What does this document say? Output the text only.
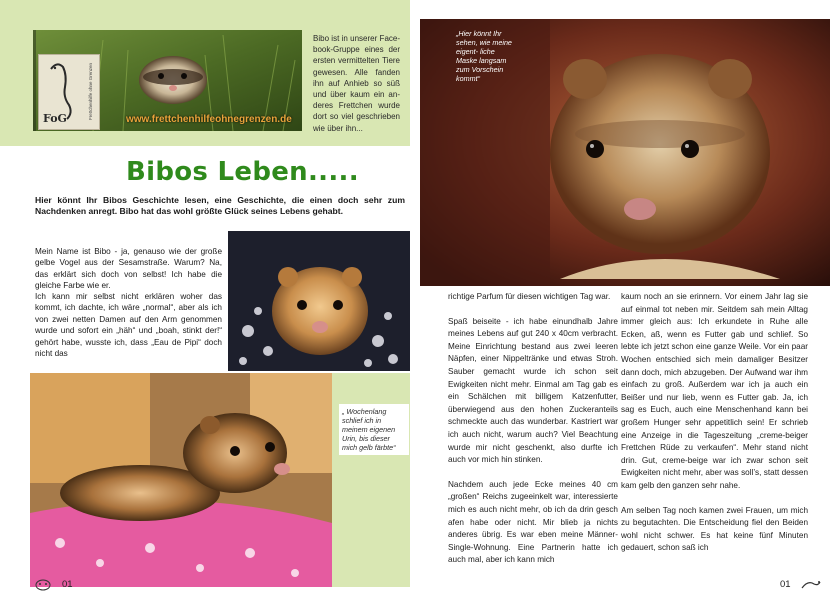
FoG	Frettchenhilfe ohne Grenzen	www.frettchenhilfeohnegrenzen.de
Bibo ist in unserer Face- book-Gruppe eines der ersten vermittelten Tiere gewesen. Alle fanden ihn auf Anhieb so süß und über kaum ein an- deres Frettchen wurde dort so viel geschrieben wie über ihn...
Bibos Leben.....
Hier könnt Ihr Bibos Geschichte lesen, eine Geschichte, die einen doch sehr zum Nachdenken anregt. Bibo hat das wohl größte Glück seines Lebens gehabt.

Mein Name ist Bibo - ja, genauso wie der große gelbe Vogel aus der Sesamstraße. Warum? Na, das erklärt sich doch von selbst! Ich habe die gleiche Farbe wie er.

Ich kann mir selbst nicht erklären woher das kommt, ich dachte, ich wäre „normal“, aber als ich von zwei netten Damen auf den Arm genommen wurde und sofort ein „häh“ und „boah, stinkt der!“ gehört habe, wusste ich, dass „Eau de Pipi“ doch nicht das

„ Wochenlang schlief ich in meinem eigenen Urin, bis dieser mich gelb färbte“
01
„Hier könnt Ihr sehen, wie meine eigent- liche Maske langsam zum Vorschein kommt“

richtige Parfum für diesen wichtigen Tag war.

Spaß beiseite - ich habe einundhalb Jahre meines Lebens auf gut 240 x 40cm verbracht. Meine Einrichtung bestand aus zwei leeren Näpfen, einer Nippeltränke und etwas Stroh. Sauber gemacht wurde ich schon seit Ewigkeiten nicht mehr. Einmal am Tag gab es ein Schälchen mit billigem Katzenfutter, überwiegend aus den hohen Zuckeranteils schmeckte auch das wunderbar. Kastriert war ich auch nicht, warum auch? Viel Beachtung wurde mir nicht geschenkt, also durfte ich auch vor mich hin stinken.

Nachdem auch jede Ecke meines 40 cm „großen“ Reichs zugeeinkelt war, interessierte mich es auch nicht mehr, ob ich da drin gesch afen habe oder nicht. Mir blieb ja nichts anderes übrig. Es war eben meine Männer-Single-Wohnung. Eine Partnerin hatte ich auch mal, aber ich kann mich

kaum noch an sie erinnern. Vor einem Jahr lag sie auf einmal tot neben mir. Seitdem sah mein Alltag immer gleich aus: Ich erkundete in Ruhe alle Ecken, aß, wenn es Futter gab und schlief. So lebte ich jetzt schon eine ganze Weile. Vor ein paar Wochen entschied sich mein damaliger Besitzer dann doch, mich abzugeben. Der Aufwand war ihm einfach zu groß. Außerdem war ich ja auch ein Beißer und nur lieb, wenn es Futter gab. Ja, ich sag es Euch, auch eine Menschenhand kann bei großem Hunger sehr appetitlich sein! Er schrieb eine Anzeige in die Tageszeitung „creme-beiger Frettchen Rüde zu verkaufen“. Mehr stand nicht drin. Gut, creme-beige war ich zwar schon seit Ewigkeiten nicht mehr, aber was soll’s, statt dessen kam gelb den ganzen sehr nahe.

Am selben Tag noch kamen zwei Frauen, um mich zu begutachten. Die Entscheidung fiel den Beiden wohl nicht schwer. Es hat keine fünf Minuten gedauert, schon saß ich

01
